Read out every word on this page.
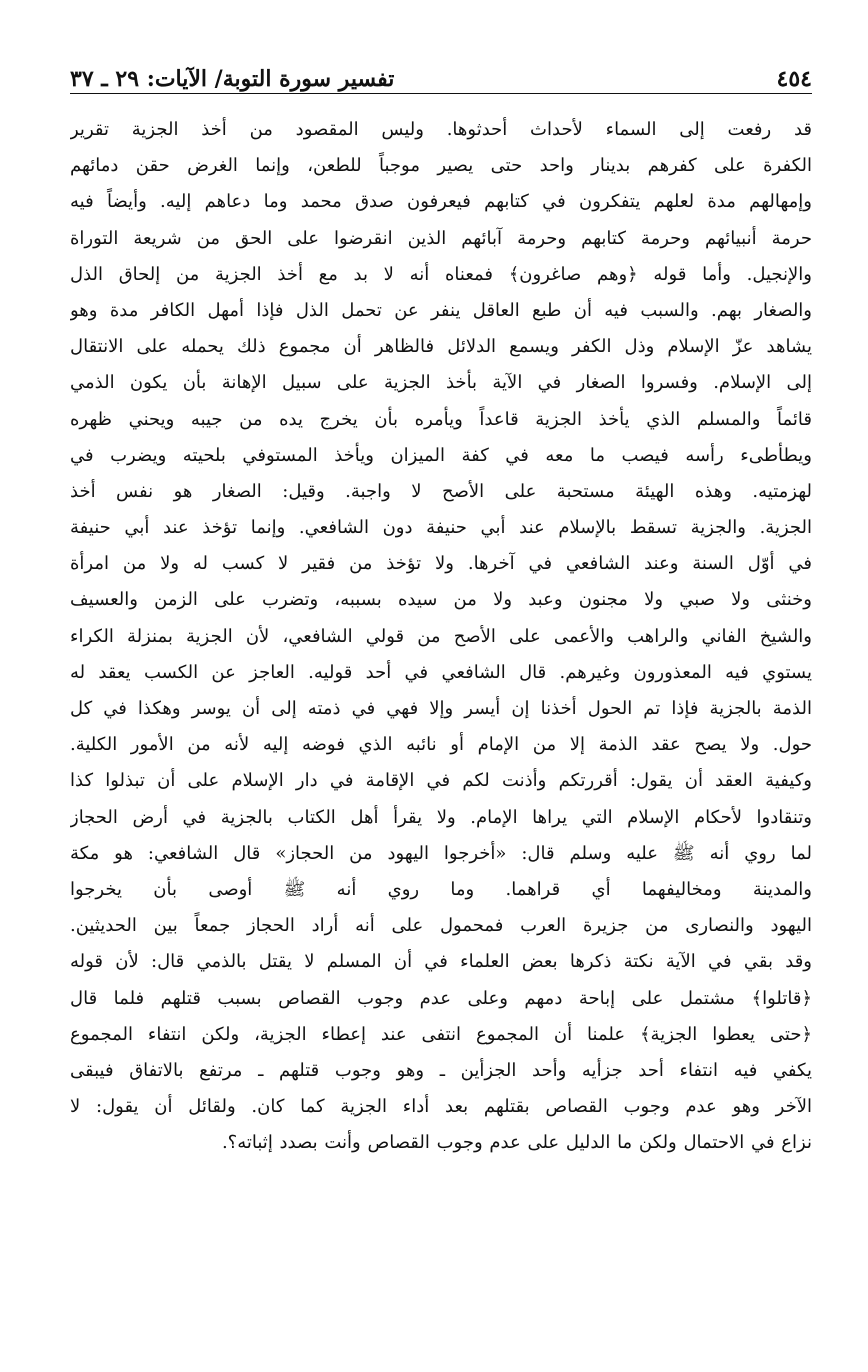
٤٥٤
تفسير سورة التوبة/ الآيات: ٢٩ ـ ٣٧
قد رفعت إلى السماء لأحداث أحدثوها. وليس المقصود من أخذ الجزية تقرير
الكفرة على كفرهم بدينار واحد حتى يصير موجباً للطعن، وإنما الغرض حقن دمائهم
وإمهالهم مدة لعلهم يتفكرون في كتابهم فيعرفون صدق محمد وما دعاهم إليه. وأيضاً فيه
حرمة أنبيائهم وحرمة كتابهم وحرمة آبائهم الذين انقرضوا على الحق من شريعة التوراة
والإنجيل. وأما قوله ﴿وهم صاغرون﴾ فمعناه أنه لا بد مع أخذ الجزية من إلحاق الذل
والصغار بهم. والسبب فيه أن طبع العاقل ينفر عن تحمل الذل فإذا أمهل الكافر مدة وهو
يشاهد عزّ الإسلام وذل الكفر ويسمع الدلائل فالظاهر أن مجموع ذلك يحمله على الانتقال
إلى الإسلام. وفسروا الصغار في الآية بأخذ الجزية على سبيل الإهانة بأن يكون الذمي
قائماً والمسلم الذي يأخذ الجزية قاعداً ويأمره بأن يخرج يده من جيبه ويحني ظهره
ويطأطىء رأسه فيصب ما معه في كفة الميزان ويأخذ المستوفي بلحيته ويضرب في
لهزمتيه. وهذه الهيئة مستحبة على الأصح لا واجبة. وقيل: الصغار هو نفس أخذ
الجزية. والجزية تسقط بالإسلام عند أبي حنيفة دون الشافعي. وإنما تؤخذ عند أبي حنيفة
في أوّل السنة وعند الشافعي في آخرها. ولا تؤخذ من فقير لا كسب له ولا من امرأة
وخنثى ولا صبي ولا مجنون وعبد ولا من سيده بسببه، وتضرب على الزمن والعسيف
والشيخ الفاني والراهب والأعمى على الأصح من قولي الشافعي، لأن الجزية بمنزلة الكراء
يستوي فيه المعذورون وغيرهم. قال الشافعي في أحد قوليه. العاجز عن الكسب يعقد له
الذمة بالجزية فإذا تم الحول أخذنا إن أيسر وإلا فهي في ذمته إلى أن يوسر وهكذا في كل
حول. ولا يصح عقد الذمة إلا من الإمام أو نائبه الذي فوضه إليه لأنه من الأمور الكلية.
وكيفية العقد أن يقول: أقررتكم وأذنت لكم في الإقامة في دار الإسلام على أن تبذلوا كذا
وتنقادوا لأحكام الإسلام التي يراها الإمام. ولا يقرأ أهل الكتاب بالجزية في أرض الحجاز
لما روي أنه ﷺ عليه وسلم قال: «أخرجوا اليهود من الحجاز» قال الشافعي: هو مكة
والمدينة ومخاليفهما أي قراهما. وما روي أنه ﷺ أوصى بأن يخرجوا
اليهود والنصارى من جزيرة العرب فمحمول على أنه أراد الحجاز جمعاً بين الحديثين.
وقد بقي في الآية نكتة ذكرها بعض العلماء في أن المسلم لا يقتل بالذمي قال: لأن قوله
﴿قاتلوا﴾ مشتمل على إباحة دمهم وعلى عدم وجوب القصاص بسبب قتلهم فلما قال
﴿حتى يعطوا الجزية﴾ علمنا أن المجموع انتفى عند إعطاء الجزية، ولكن انتفاء المجموع
يكفي فيه انتفاء أحد جزأيه وأحد الجزأين ـ وهو وجوب قتلهم ـ مرتفع بالاتفاق فيبقى
الآخر وهو عدم وجوب القصاص بقتلهم بعد أداء الجزية كما كان. ولقائل أن يقول: لا
نزاع في الاحتمال ولكن ما الدليل على عدم وجوب القصاص وأنت بصدد إثباته؟.
